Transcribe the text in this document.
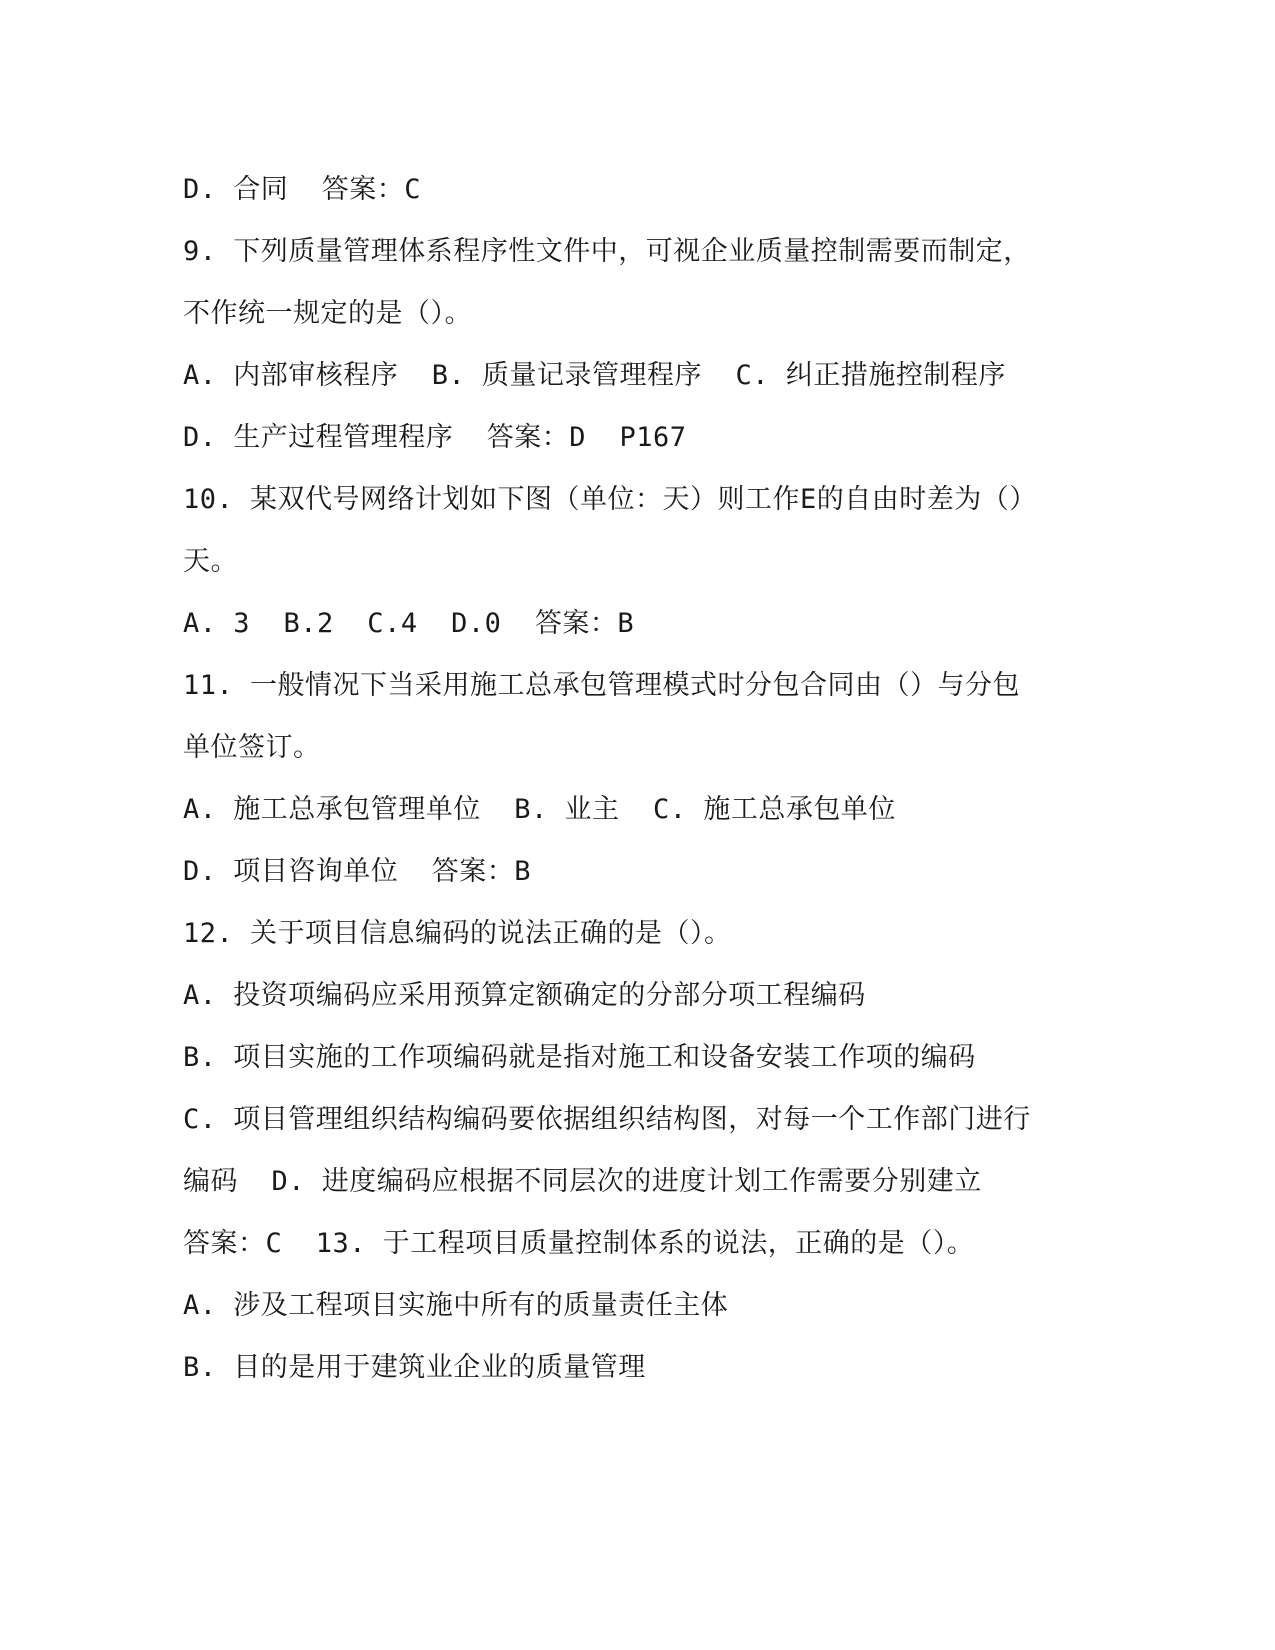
D. 合同  答案：C
9. 下列质量管理体系程序性文件中，可视企业质量控制需要而制定，
不作统一规定的是（）。
A. 内部审核程序  B. 质量记录管理程序  C. 纠正措施控制程序
D. 生产过程管理程序  答案：D  P167
10. 某双代号网络计划如下图（单位：天）则工作E的自由时差为（）
天。
A. 3  B.2  C.4  D.0  答案：B
11. 一般情况下当采用施工总承包管理模式时分包合同由（）与分包
单位签订。
A. 施工总承包管理单位  B. 业主  C. 施工总承包单位
D. 项目咨询单位  答案：B
12. 关于项目信息编码的说法正确的是（）。
A. 投资项编码应采用预算定额确定的分部分项工程编码
B. 项目实施的工作项编码就是指对施工和设备安装工作项的编码
C. 项目管理组织结构编码要依据组织结构图，对每一个工作部门进行
编码  D. 进度编码应根据不同层次的进度计划工作需要分别建立
答案：C  13. 于工程项目质量控制体系的说法，正确的是（）。
A. 涉及工程项目实施中所有的质量责任主体
B. 目的是用于建筑业企业的质量管理
